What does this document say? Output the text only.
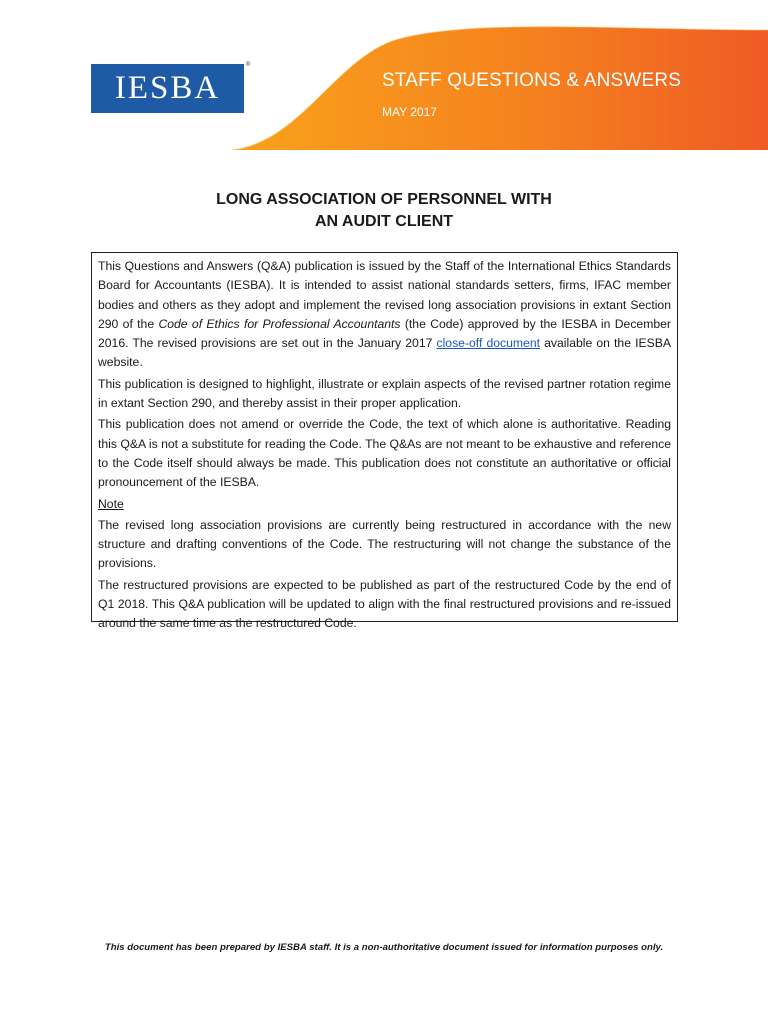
IESBA
®
STAFF QUESTIONS & ANSWERS
MAY 2017
LONG ASSOCIATION OF PERSONNEL WITH
AN AUDIT CLIENT

This Questions and Answers (Q&A) publication is issued by the Staff of the International Ethics Standards Board for Accountants (IESBA). It is intended to assist national standards setters, firms, IFAC member bodies and others as they adopt and implement the revised long association provisions in extant Section 290 of the Code of Ethics for Professional Accountants (the Code) approved by the IESBA in December 2016. The revised provisions are set out in the January 2017 close-off document available on the IESBA website.

This publication is designed to highlight, illustrate or explain aspects of the revised partner rotation regime in extant Section 290, and thereby assist in their proper application.

This publication does not amend or override the Code, the text of which alone is authoritative. Reading this Q&A is not a substitute for reading the Code. The Q&As are not meant to be exhaustive and reference to the Code itself should always be made. This publication does not constitute an authoritative or official pronouncement of the IESBA.

Note

The revised long association provisions are currently being restructured in accordance with the new structure and drafting conventions of the Code. The restructuring will not change the substance of the provisions.

The restructured provisions are expected to be published as part of the restructured Code by the end of Q1 2018. This Q&A publication will be updated to align with the final restructured provisions and re-issued around the same time as the restructured Code.

This document has been prepared by IESBA staff. It is a non-authoritative document issued for information purposes only.
